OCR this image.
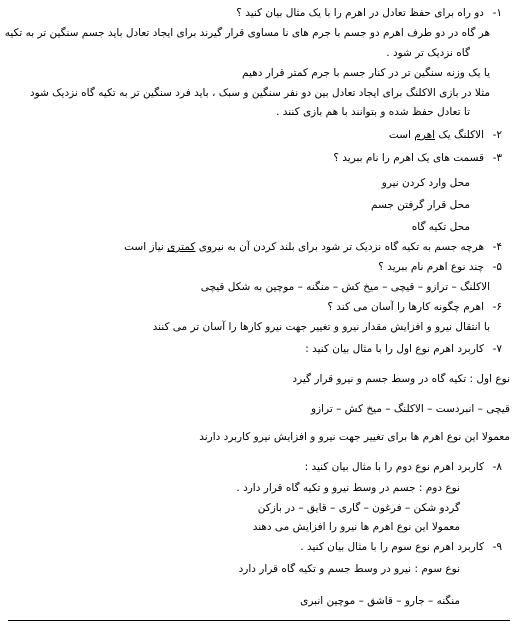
۱-دو راه برای حفظ تعادل در اهرم را با یک مثال بیان کنید ؟
هر گاه در دو طرف اهرم دو جسم با جرم های نا مساوی قرار گیرند برای ایجاد تعادل باید جسم سنگین تر به تکیه
گاه نزدیک تر شود .
یا یک وزنه سنگین تر در کنار جسم با جرم کمتر قرار دهیم
مثلا در بازی الاکلنگ برای ایجاد تعادل بین دو نفر سنگین و سبک ، باید فرد سنگین تر به تکیه گاه نزدیک شود
تا تعادل حفظ شده و بتوانند با هم بازی کنند .
۲-الاکلنگ یک اهرم است
۳-قسمت های یک اهرم را نام ببرید ؟
محل وارد کردن نیرو
محل قرار گرفتن جسم
محل تکیه گاه
۴-هرچه جسم به تکیه گاه نزدیک تر شود برای بلند کردن آن به نیروی کمتری نیاز است
۵-چند نوع اهرم نام ببرید ؟
الاکلنگ – ترازو – قیچی – میخ کش – منگنه – موچین به شکل قیچی
۶-اهرم چگونه کارها را آسان می کند ؟
با انتقال نیرو و افزایش مقدار نیرو و تغییر جهت نیرو کارها را آسان تر می کنند
۷-کاربرد اهرم نوع اول را با مثال بیان کنید :
نوع اول : تکیه گاه در وسط جسم و نیرو قرار گیرد
قیچی – انبردست – الاکلنگ – میخ کش – ترازو
معمولا این نوع اهرم ها برای تغییر جهت نیرو و افزایش نیرو کاربرد دارند
۸-کاربرد اهرم نوع دوم را با مثال بیان کنید :
نوع دوم : جسم در وسط نیرو و تکیه گاه قرار دارد .
گردو شکن – فرغون – گاری – قایق – در بازکن
معمولا این نوع اهرم ها نیرو را افزایش می دهند
۹-کاربرد اهرم نوع سوم را با مثال بیان کنید .
نوع سوم : نیرو در وسط جسم و تکیه گاه قرار دارد
منگنه – جارو – قاشق – موچین انبری
